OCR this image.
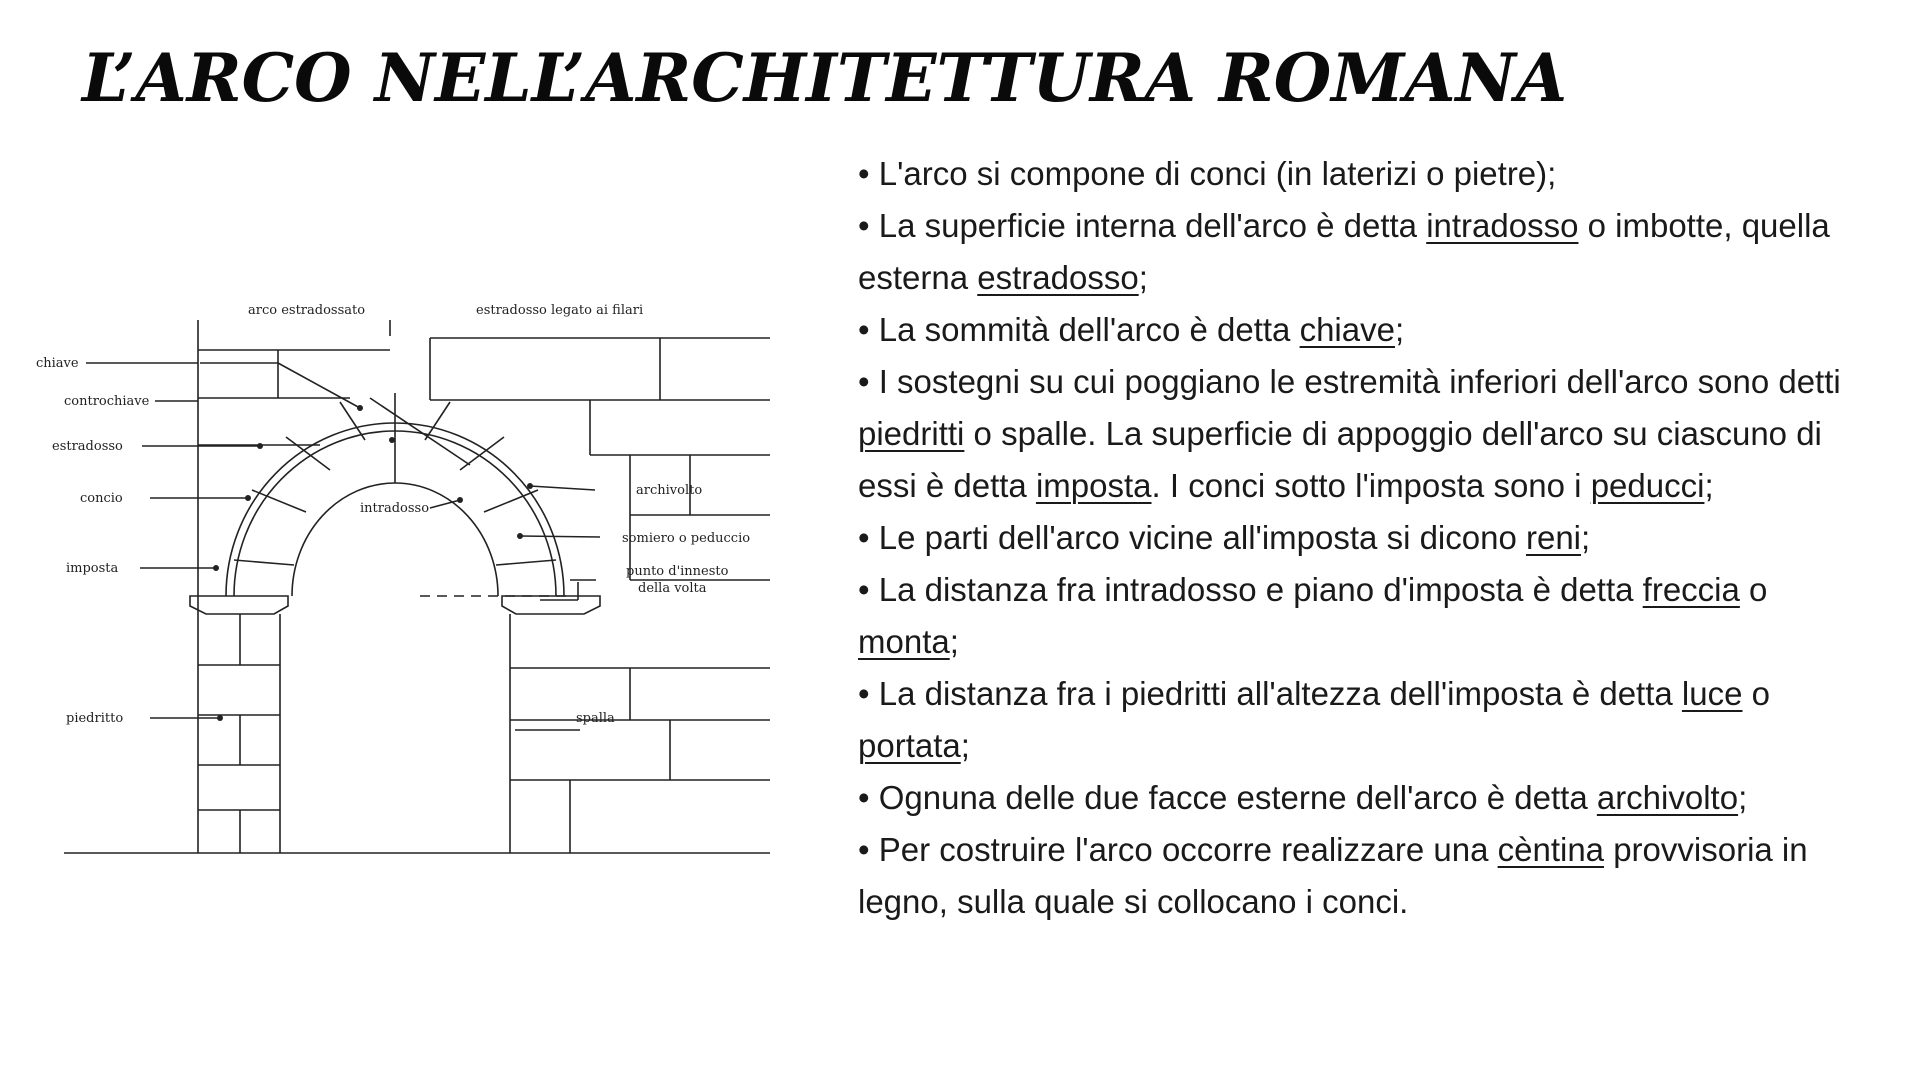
L’ARCO NELL’ARCHITETTURA ROMANA
arco estradossato	estradosso legato ai filari
chiave
controchiave
estradosso
concio
imposta
piedritto
intradosso
archivolto
somiero o peduccio
punto d'innesto
della volta
spalla

• L'arco si compone di conci (in laterizi o pietre);

• La superficie interna dell'arco è detta intradosso o imbotte, quella esterna estradosso;

• La sommità dell'arco è detta chiave;

• I sostegni su cui poggiano le estremità inferiori dell'arco sono detti piedritti o spalle. La superficie di appoggio dell'arco su ciascuno di essi è detta imposta. I conci sotto l'imposta sono i peducci;

• Le parti dell'arco vicine all'imposta si dicono reni;

• La distanza fra intradosso e piano d'imposta è detta freccia o monta;

• La distanza fra i piedritti all'altezza dell'imposta è detta luce o portata;

• Ognuna delle due facce esterne dell'arco è detta archivolto;

• Per costruire l'arco occorre realizzare una cèntina provvisoria in legno, sulla quale si collocano i conci.
